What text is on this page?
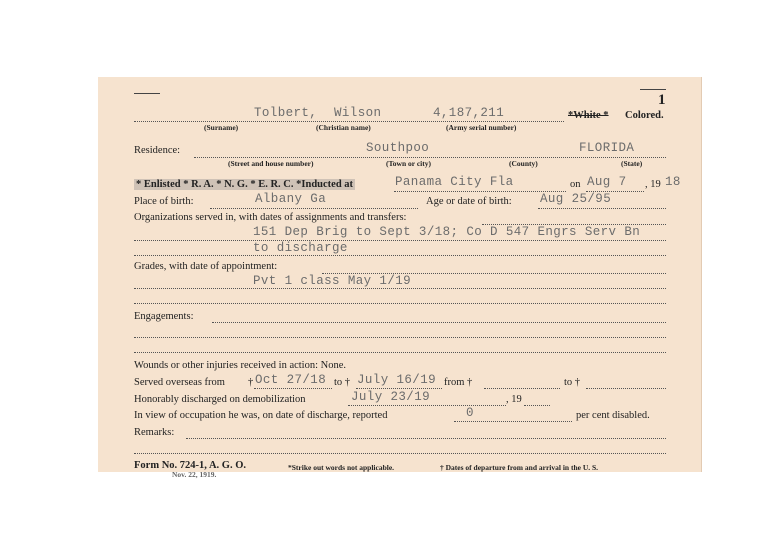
1
Tolbert, Wilson	4,187,211	*White * Colored.
(Surname)	(Christian name)	(Army serial number)
Residence:	Southpoo	FLORIDA
(Street and house number)	(Town or city)	(County)	(State)
* Enlisted * R. A. * N. G. * E. R. C. *Inducted at	Panama City Fla	on Aug 7 , 19 18
Place of birth:	Albany Ga	Age or date of birth: Aug 25/95
Organizations served in, with dates of assignments and transfers:
151 Dep Brig to Sept 3/18; Co D 547 Engrs Serv Bn
to discharge
Grades, with date of appointment:
Pvt 1 class May 1/19
Engagements:
Wounds or other injuries received in action: None.
Served overseas from † Oct 27/18 to † July 16/19 from †	to †
Honorably discharged on demobilization	July 23/19	, 19
In view of occupation he was, on date of discharge, reported	0	per cent disabled.
Remarks:
Form No. 724-1, A. G. O.
Nov. 22, 1919.
*Strike out words not applicable.	† Dates of departure from and arrival in the U. S.
